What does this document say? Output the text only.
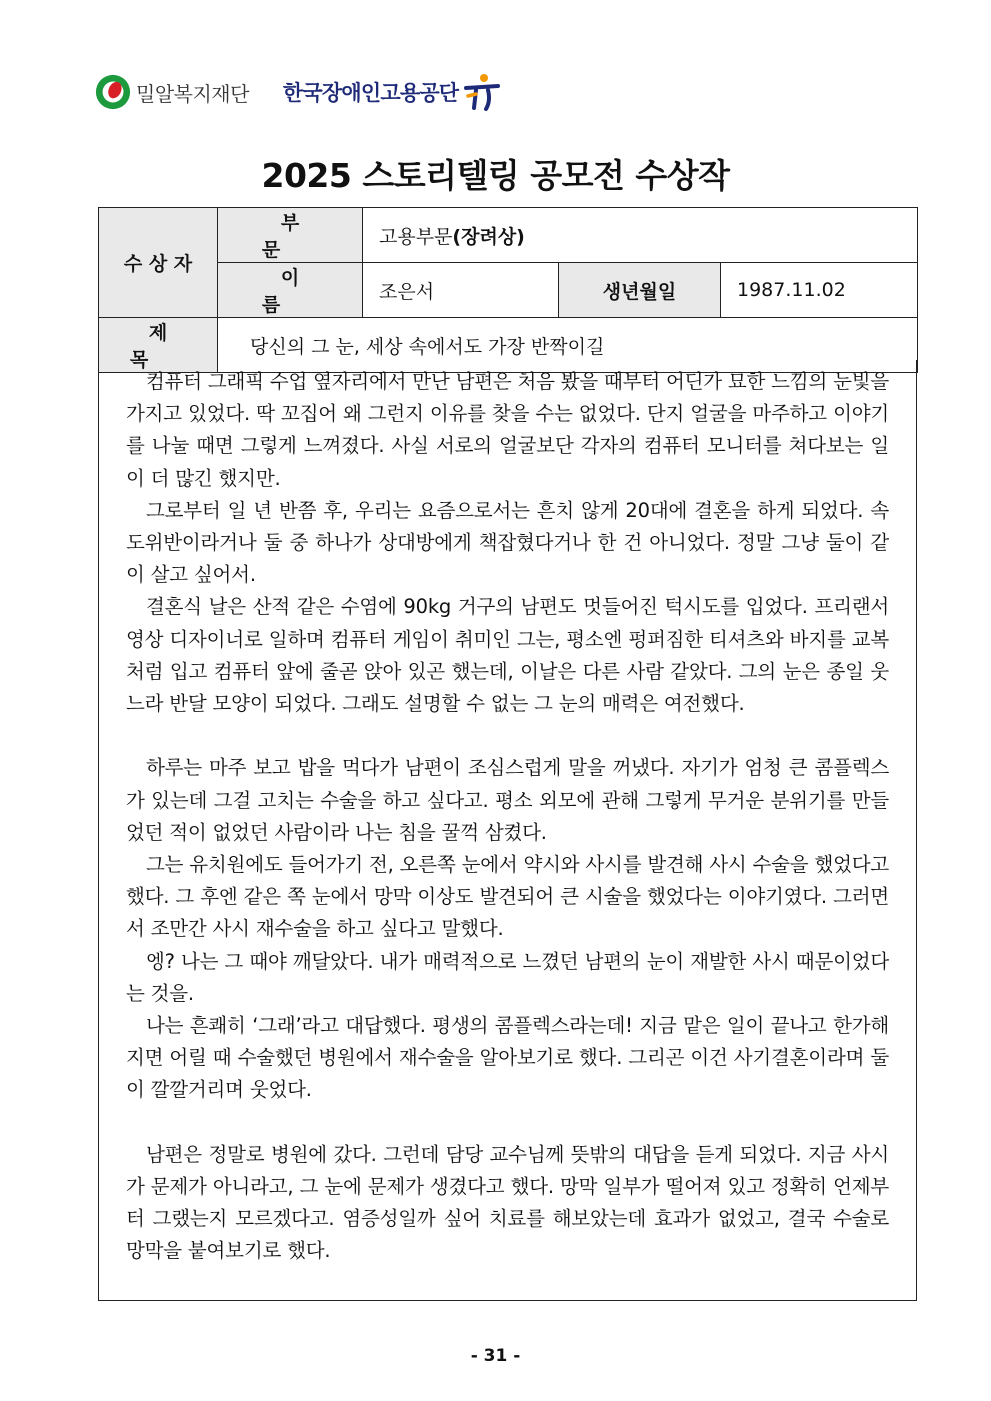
밀알복지재단 한국장애인고용공단
2025 스토리텔링 공모전 수상작
수 상 자	부문	고용부문(장려상)		
	이름	조은서	생년월일	1987.11.02
제목	당신의 그 눈, 세상 속에서도 가장 반짝이길			

컴퓨터 그래픽 수업 옆자리에서 만난 남편은 처음 봤을 때부터 어딘가 묘한 느낌의 눈빛을 가지고 있었다. 딱 꼬집어 왜 그런지 이유를 찾을 수는 없었다. 단지 얼굴을 마주하고 이야기를 나눌 때면 그렇게 느껴졌다. 사실 서로의 얼굴보단 각자의 컴퓨터 모니터를 쳐다보는 일이 더 많긴 했지만.

그로부터 일 년 반쯤 후, 우리는 요즘으로서는 흔치 않게 20대에 결혼을 하게 되었다. 속도위반이라거나 둘 중 하나가 상대방에게 책잡혔다거나 한 건 아니었다. 정말 그냥 둘이 같이 살고 싶어서.

결혼식 날은 산적 같은 수염에 90kg 거구의 남편도 멋들어진 턱시도를 입었다. 프리랜서 영상 디자이너로 일하며 컴퓨터 게임이 취미인 그는, 평소엔 펑퍼짐한 티셔츠와 바지를 교복처럼 입고 컴퓨터 앞에 줄곧 앉아 있곤 했는데, 이날은 다른 사람 같았다. 그의 눈은 종일 웃느라 반달 모양이 되었다. 그래도 설명할 수 없는 그 눈의 매력은 여전했다.

하루는 마주 보고 밥을 먹다가 남편이 조심스럽게 말을 꺼냈다. 자기가 엄청 큰 콤플렉스가 있는데 그걸 고치는 수술을 하고 싶다고. 평소 외모에 관해 그렇게 무거운 분위기를 만들었던 적이 없었던 사람이라 나는 침을 꿀꺽 삼켰다.

그는 유치원에도 들어가기 전, 오른쪽 눈에서 약시와 사시를 발견해 사시 수술을 했었다고 했다. 그 후엔 같은 쪽 눈에서 망막 이상도 발견되어 큰 시술을 했었다는 이야기였다. 그러면서 조만간 사시 재수술을 하고 싶다고 말했다.

엥? 나는 그 때야 깨달았다. 내가 매력적으로 느꼈던 남편의 눈이 재발한 사시 때문이었다는 것을.

나는 흔쾌히 ‘그래’라고 대답했다. 평생의 콤플렉스라는데! 지금 맡은 일이 끝나고 한가해지면 어릴 때 수술했던 병원에서 재수술을 알아보기로 했다. 그리곤 이건 사기결혼이라며 둘이 깔깔거리며 웃었다.

남편은 정말로 병원에 갔다. 그런데 담당 교수님께 뜻밖의 대답을 듣게 되었다. 지금 사시가 문제가 아니라고, 그 눈에 문제가 생겼다고 했다. 망막 일부가 떨어져 있고 정확히 언제부터 그랬는지 모르겠다고. 염증성일까 싶어 치료를 해보았는데 효과가 없었고, 결국 수술로 망막을 붙여보기로 했다.

- 31 -
